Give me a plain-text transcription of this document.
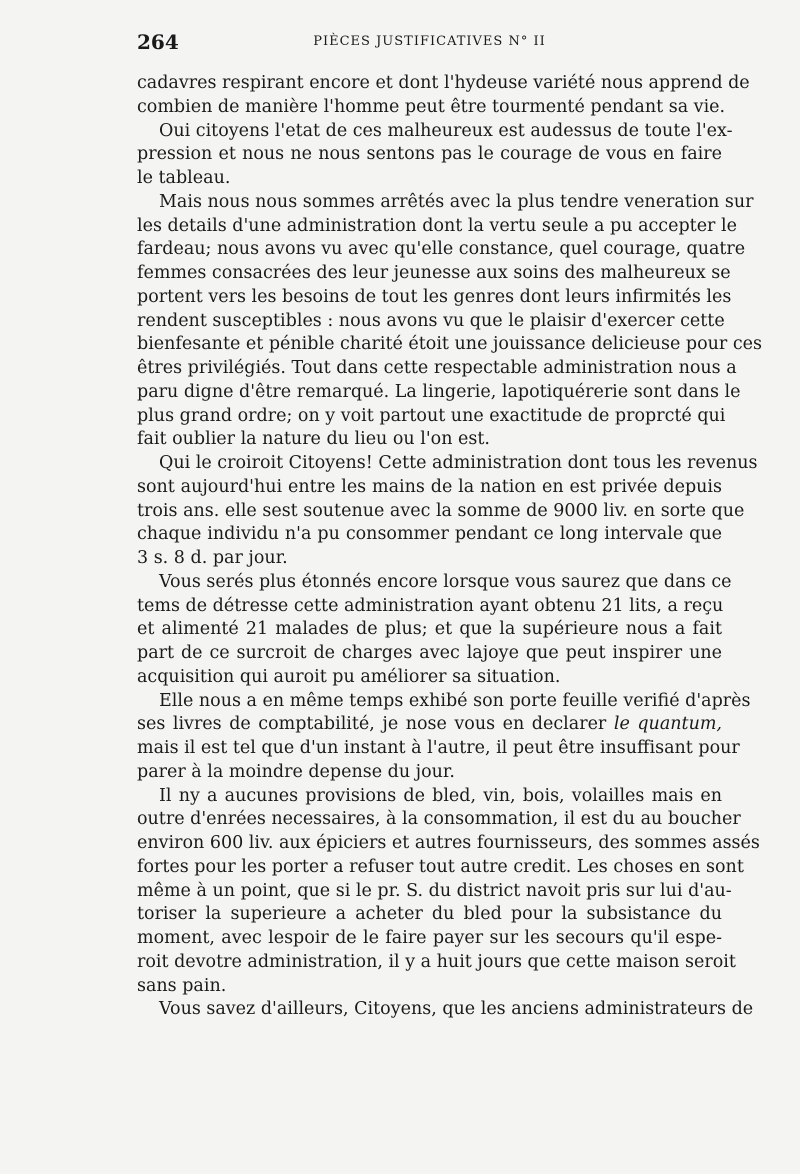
264	PIÈCES JUSTIFICATIVES N° II
cadavres respirant encore et dont l'hydeuse variété nous apprend de
combien de manière l'homme peut être tourmenté pendant sa vie.
Oui citoyens l'etat de ces malheureux est audessus de toute l'ex-
pression et nous ne nous sentons pas le courage de vous en faire
le tableau.
Mais nous nous sommes arrêtés avec la plus tendre veneration sur
les details d'une administration dont la vertu seule a pu accepter le
fardeau; nous avons vu avec qu'elle constance, quel courage, quatre
femmes consacrées des leur jeunesse aux soins des malheureux se
portent vers les besoins de tout les genres dont leurs infirmités les
rendent susceptibles : nous avons vu que le plaisir d'exercer cette
bienfesante et pénible charité étoit une jouissance delicieuse pour ces
êtres privilégiés. Tout dans cette respectable administration nous a
paru digne d'être remarqué. La lingerie, lapotiquérerie sont dans le
plus grand ordre; on y voit partout une exactitude de proprcté qui
fait oublier la nature du lieu ou l'on est.
Qui le croiroit Citoyens! Cette administration dont tous les revenus
sont aujourd'hui entre les mains de la nation en est privée depuis
trois ans. elle sest soutenue avec la somme de 9000 liv. en sorte que
chaque individu n'a pu consommer pendant ce long intervale que
3 s. 8 d. par jour.
Vous serés plus étonnés encore lorsque vous saurez que dans ce
tems de détresse cette administration ayant obtenu 21 lits, a reçu
et alimenté 21 malades de plus; et que la supérieure nous a fait
part de ce surcroit de charges avec lajoye que peut inspirer une
acquisition qui auroit pu améliorer sa situation.
Elle nous a en même temps exhibé son porte feuille verifié d'après
ses livres de comptabilité, je nose vous en declarer le quantum,
mais il est tel que d'un instant à l'autre, il peut être insuffisant pour
parer à la moindre depense du jour.
Il ny a aucunes provisions de bled, vin, bois, volailles mais en
outre d'enrées necessaires, à la consommation, il est du au boucher
environ 600 liv. aux épiciers et autres fournisseurs, des sommes assés
fortes pour les porter a refuser tout autre credit. Les choses en sont
même à un point, que si le pr. S. du district navoit pris sur lui d'au-
toriser la superieure a acheter du bled pour la subsistance du
moment, avec lespoir de le faire payer sur les secours qu'il espe-
roit devotre administration, il y a huit jours que cette maison seroit
sans pain.
Vous savez d'ailleurs, Citoyens, que les anciens administrateurs de
